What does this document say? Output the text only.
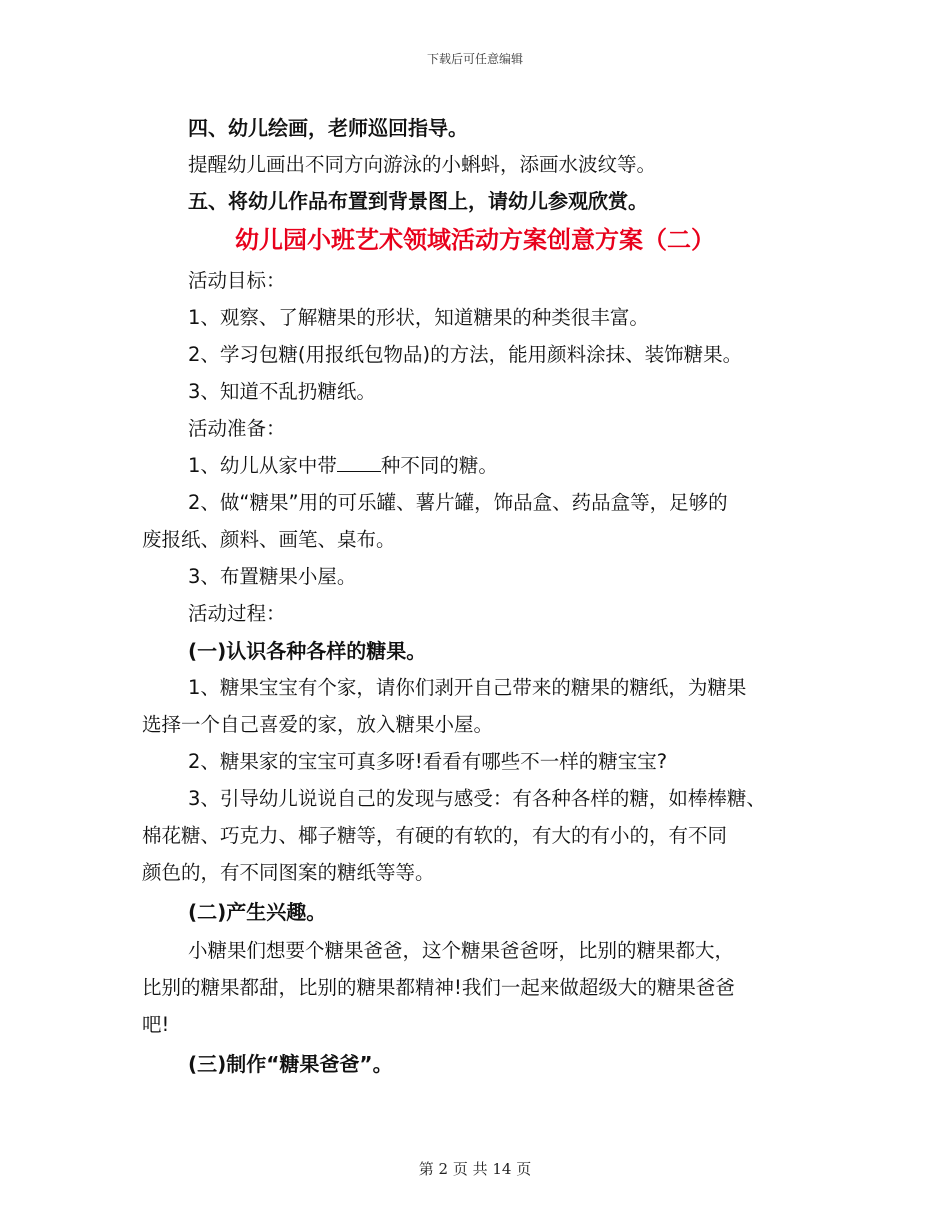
下载后可任意编辑
四、幼儿绘画，老师巡回指导。
提醒幼儿画出不同方向游泳的小蝌蚪，添画水波纹等。
五、将幼儿作品布置到背景图上，请幼儿参观欣赏。
幼儿园小班艺术领域活动方案创意方案（二）
活动目标：
1、观察、了解糖果的形状，知道糖果的种类很丰富。
2、学习包糖(用报纸包物品)的方法，能用颜料涂抹、装饰糖果。
3、知道不乱扔糖纸。
活动准备：
1、幼儿从家中带 种不同的糖。
2、做“糖果”用的可乐罐、薯片罐，饰品盒、药品盒等，足够的
废报纸、颜料、画笔、桌布。
3、布置糖果小屋。
活动过程：
(一)认识各种各样的糖果。
1、糖果宝宝有个家，请你们剥开自己带来的糖果的糖纸，为糖果
选择一个自己喜爱的家，放入糖果小屋。
2、糖果家的宝宝可真多呀!看看有哪些不一样的糖宝宝?
3、引导幼儿说说自己的发现与感受：有各种各样的糖，如棒棒糖、
棉花糖、巧克力、椰子糖等，有硬的有软的，有大的有小的，有不同
颜色的，有不同图案的糖纸等等。
(二)产生兴趣。
小糖果们想要个糖果爸爸，这个糖果爸爸呀，比别的糖果都大，
比别的糖果都甜，比别的糖果都精神!我们一起来做超级大的糖果爸爸
吧!
(三)制作“糖果爸爸”。
第 2 页 共 14 页
